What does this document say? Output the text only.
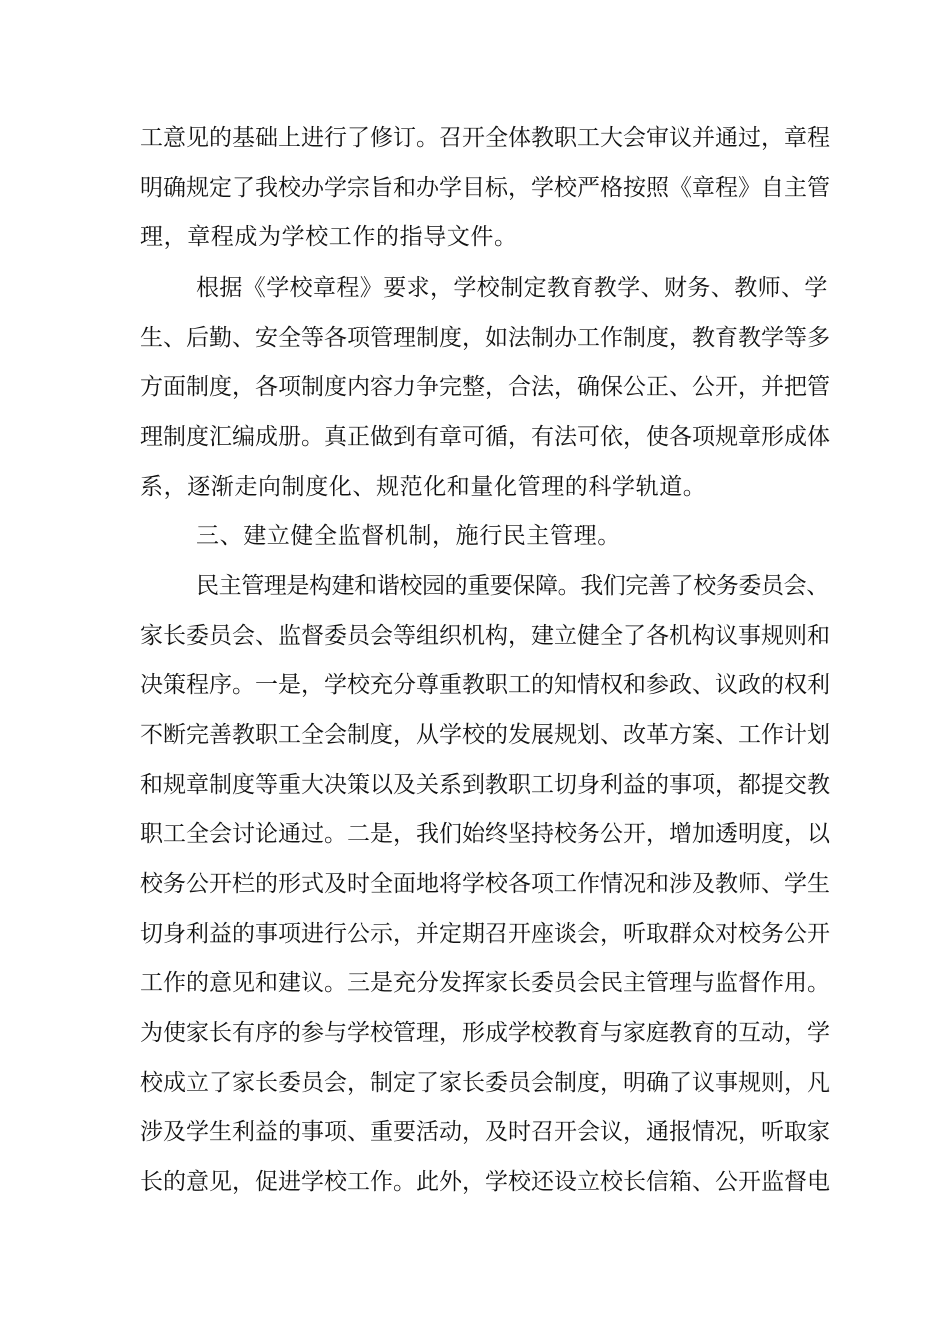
工意见的基础上进行了修订。召开全体教职工大会审议并通过，章程
明确规定了我校办学宗旨和办学目标，学校严格按照《章程》自主管
理，章程成为学校工作的指导文件。
根据《学校章程》要求，学校制定教育教学、财务、教师、学
生、后勤、安全等各项管理制度，如法制办工作制度，教育教学等多
方面制度，各项制度内容力争完整，合法，确保公正、公开，并把管
理制度汇编成册。真正做到有章可循，有法可依，使各项规章形成体
系，逐渐走向制度化、规范化和量化管理的科学轨道。
三、建立健全监督机制，施行民主管理。
民主管理是构建和谐校园的重要保障。我们完善了校务委员会、
家长委员会、监督委员会等组织机构，建立健全了各机构议事规则和
决策程序。一是，学校充分尊重教职工的知情权和参政、议政的权利
不断完善教职工全会制度，从学校的发展规划、改革方案、工作计划
和规章制度等重大决策以及关系到教职工切身利益的事项，都提交教
职工全会讨论通过。二是，我们始终坚持校务公开，增加透明度，以
校务公开栏的形式及时全面地将学校各项工作情况和涉及教师、学生
切身利益的事项进行公示，并定期召开座谈会，听取群众对校务公开
工作的意见和建议。三是充分发挥家长委员会民主管理与监督作用。
为使家长有序的参与学校管理，形成学校教育与家庭教育的互动，学
校成立了家长委员会，制定了家长委员会制度，明确了议事规则，凡
涉及学生利益的事项、重要活动，及时召开会议，通报情况，听取家
长的意见，促进学校工作。此外，学校还设立校长信箱、公开监督电
